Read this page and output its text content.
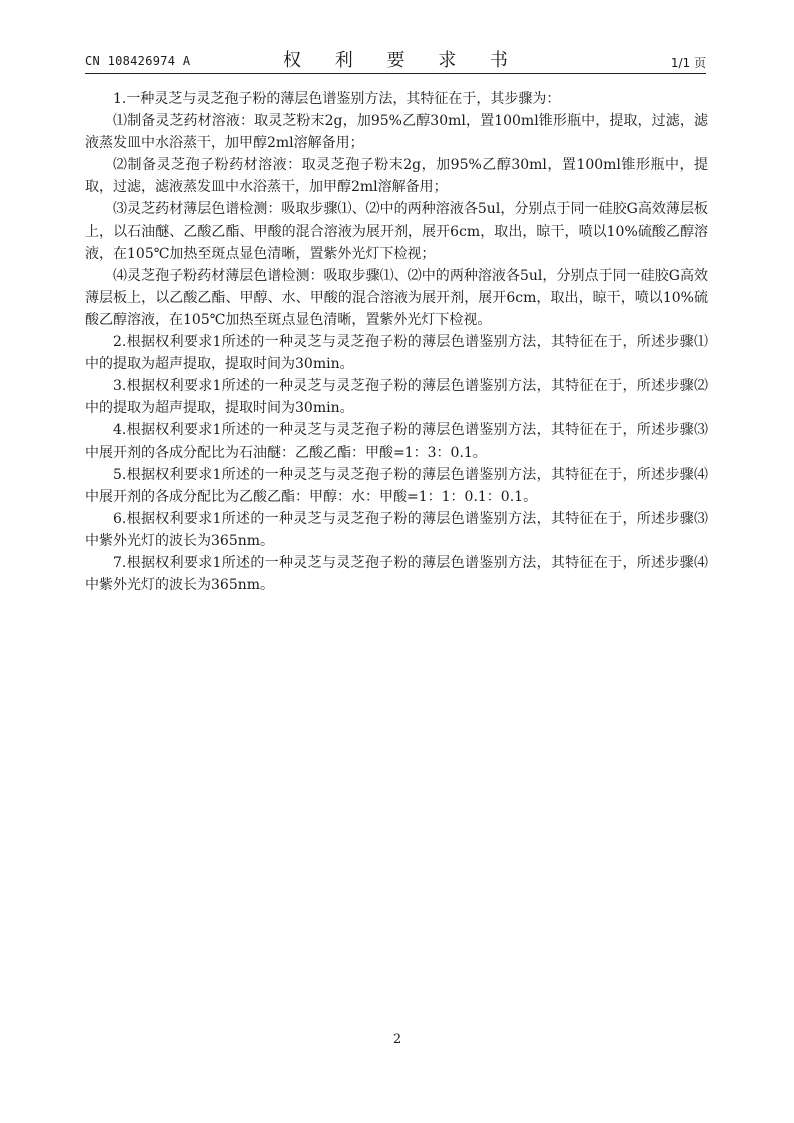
CN 108426974 A	权 利 要 求 书	1/1 页

1.一种灵芝与灵芝孢子粉的薄层色谱鉴别方法，其特征在于，其步骤为：

⑴制备灵芝药材溶液：取灵芝粉末2g，加95%乙醇30ml，置100ml锥形瓶中，提取，过滤，滤液蒸发皿中水浴蒸干，加甲醇2ml溶解备用；

⑵制备灵芝孢子粉药材溶液：取灵芝孢子粉末2g，加95%乙醇30ml，置100ml锥形瓶中，提取，过滤，滤液蒸发皿中水浴蒸干，加甲醇2ml溶解备用；

⑶灵芝药材薄层色谱检测：吸取步骤⑴、⑵中的两种溶液各5ul，分别点于同一硅胶G高效薄层板上，以石油醚、乙酸乙酯、甲酸的混合溶液为展开剂，展开6cm，取出，晾干，喷以10%硫酸乙醇溶液，在105℃加热至斑点显色清晰，置紫外光灯下检视；

⑷灵芝孢子粉药材薄层色谱检测：吸取步骤⑴、⑵中的两种溶液各5ul，分别点于同一硅胶G高效薄层板上，以乙酸乙酯、甲醇、水、甲酸的混合溶液为展开剂，展开6cm，取出，晾干，喷以10%硫酸乙醇溶液，在105℃加热至斑点显色清晰，置紫外光灯下检视。

2.根据权利要求1所述的一种灵芝与灵芝孢子粉的薄层色谱鉴别方法，其特征在于，所述步骤⑴中的提取为超声提取，提取时间为30min。

3.根据权利要求1所述的一种灵芝与灵芝孢子粉的薄层色谱鉴别方法，其特征在于，所述步骤⑵中的提取为超声提取，提取时间为30min。

4.根据权利要求1所述的一种灵芝与灵芝孢子粉的薄层色谱鉴别方法，其特征在于，所述步骤⑶中展开剂的各成分配比为石油醚：乙酸乙酯：甲酸=1：3：0.1。

5.根据权利要求1所述的一种灵芝与灵芝孢子粉的薄层色谱鉴别方法，其特征在于，所述步骤⑷中展开剂的各成分配比为乙酸乙酯：甲醇：水：甲酸=1：1：0.1：0.1。

6.根据权利要求1所述的一种灵芝与灵芝孢子粉的薄层色谱鉴别方法，其特征在于，所述步骤⑶中紫外光灯的波长为365nm。

7.根据权利要求1所述的一种灵芝与灵芝孢子粉的薄层色谱鉴别方法，其特征在于，所述步骤⑷中紫外光灯的波长为365nm。

2
